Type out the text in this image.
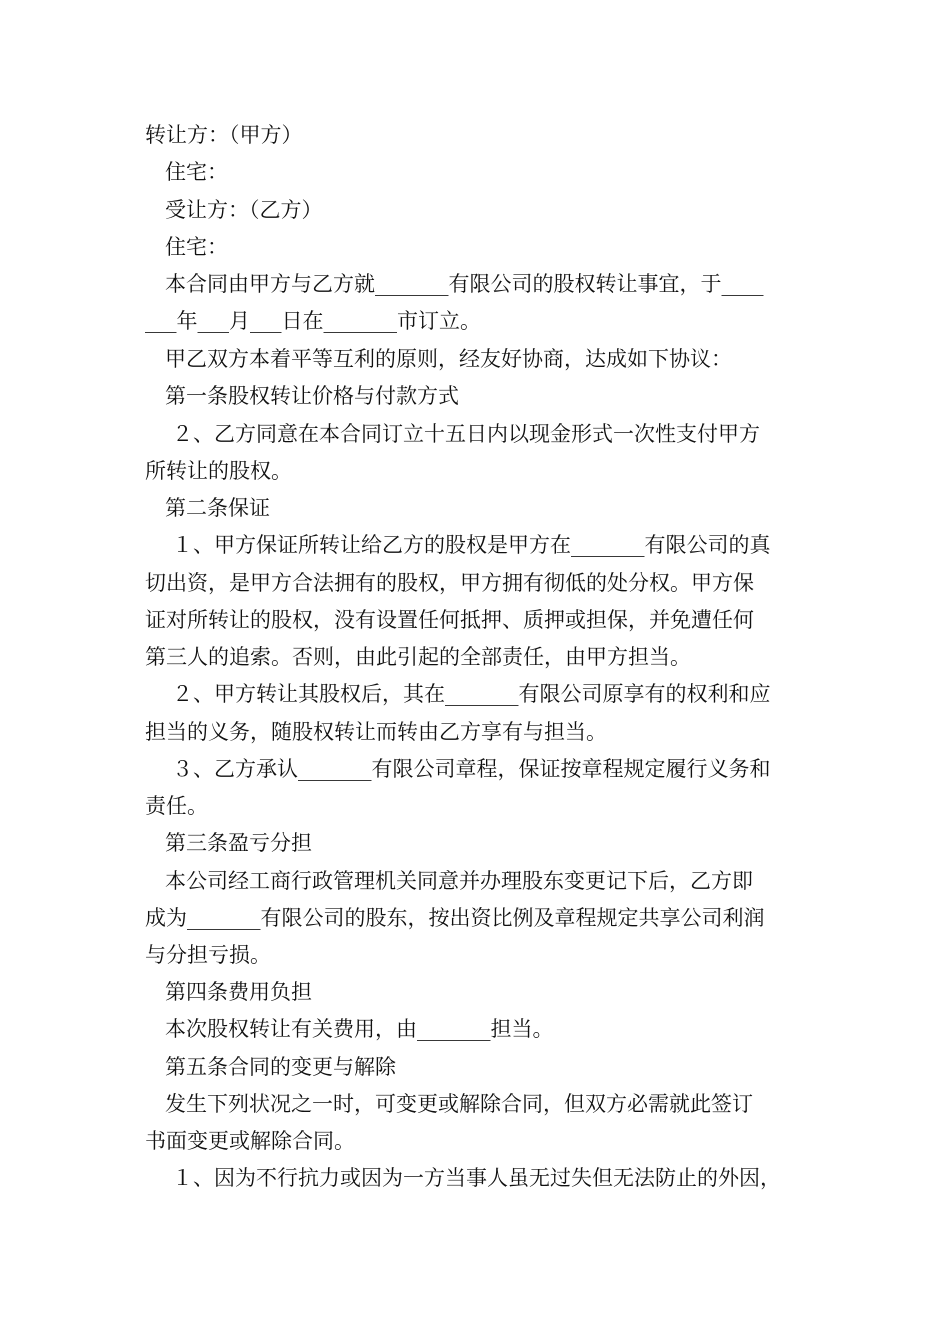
转让方：（甲方）
住宅：
受让方：（乙方）
住宅：
本合同由甲方与乙方就_______有限公司的股权转让事宜，于____
___年___月___日在_______市订立。
甲乙双方本着平等互利的原则，经友好协商，达成如下协议：
第一条股权转让价格与付款方式
２、乙方同意在本合同订立十五日内以现金形式一次性支付甲方
所转让的股权。
第二条保证
１、甲方保证所转让给乙方的股权是甲方在_______有限公司的真
切出资，是甲方合法拥有的股权，甲方拥有彻低的处分权。甲方保
证对所转让的股权，没有设置任何抵押、质押或担保，并免遭任何
第三人的追索。否则，由此引起的全部责任，由甲方担当。
２、甲方转让其股权后，其在_______有限公司原享有的权利和应
担当的义务，随股权转让而转由乙方享有与担当。
３、乙方承认_______有限公司章程，保证按章程规定履行义务和
责任。
第三条盈亏分担
本公司经工商行政管理机关同意并办理股东变更记下后，乙方即
成为_______有限公司的股东，按出资比例及章程规定共享公司利润
与分担亏损。
第四条费用负担
本次股权转让有关费用，由_______担当。
第五条合同的变更与解除
发生下列状况之一时，可变更或解除合同，但双方必需就此签订
书面变更或解除合同。
１、因为不行抗力或因为一方当事人虽无过失但无法防止的外因，
